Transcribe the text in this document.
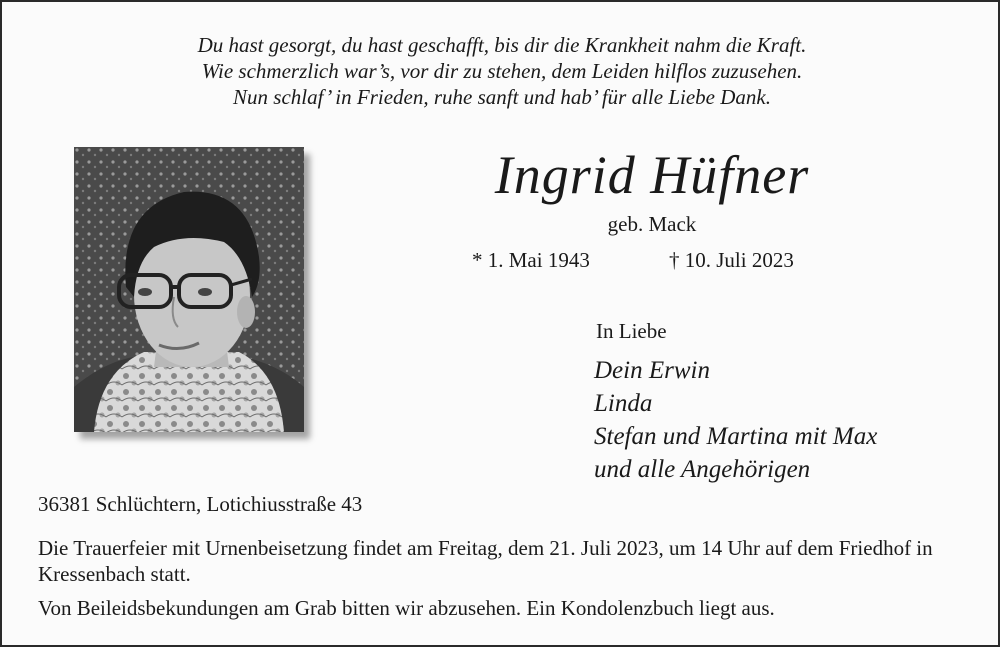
Du hast gesorgt, du hast geschafft, bis dir die Krankheit nahm die Kraft.
Wie schmerzlich war’s, vor dir zu stehen, dem Leiden hilflos zuzusehen.
Nun schlaf’ in Frieden, ruhe sanft und hab’ für alle Liebe Dank.
Ingrid Hüfner
geb. Mack
* 1. Mai 1943	† 10. Juli 2023
In Liebe
Dein Erwin
Linda
Stefan und Martina mit Max
und alle Angehörigen
36381 Schlüchtern, Lotichiusstraße 43
Die Trauerfeier mit Urnenbeisetzung findet am Freitag, dem 21. Juli 2023, um 14 Uhr auf dem Friedhof in Kressenbach statt.
Von Beileidsbekundungen am Grab bitten wir abzusehen. Ein Kondolenzbuch liegt aus.
